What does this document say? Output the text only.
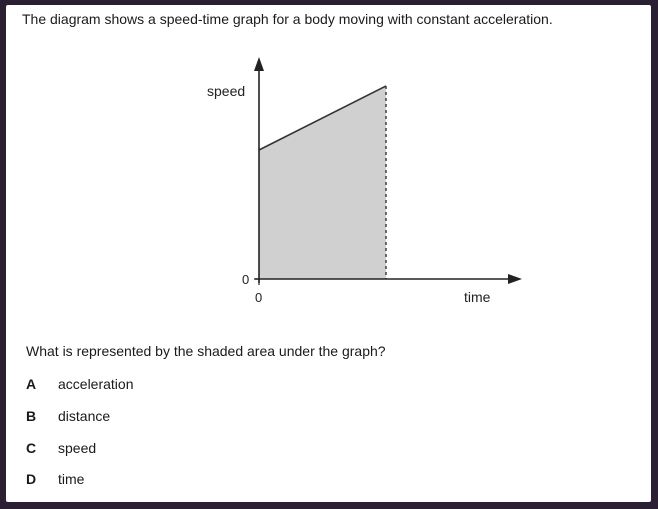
The diagram shows a speed-time graph for a body moving with constant acceleration.
speed
time
0
0
What is represented by the shaded area under the graph?
A acceleration
B distance
C speed
D time
